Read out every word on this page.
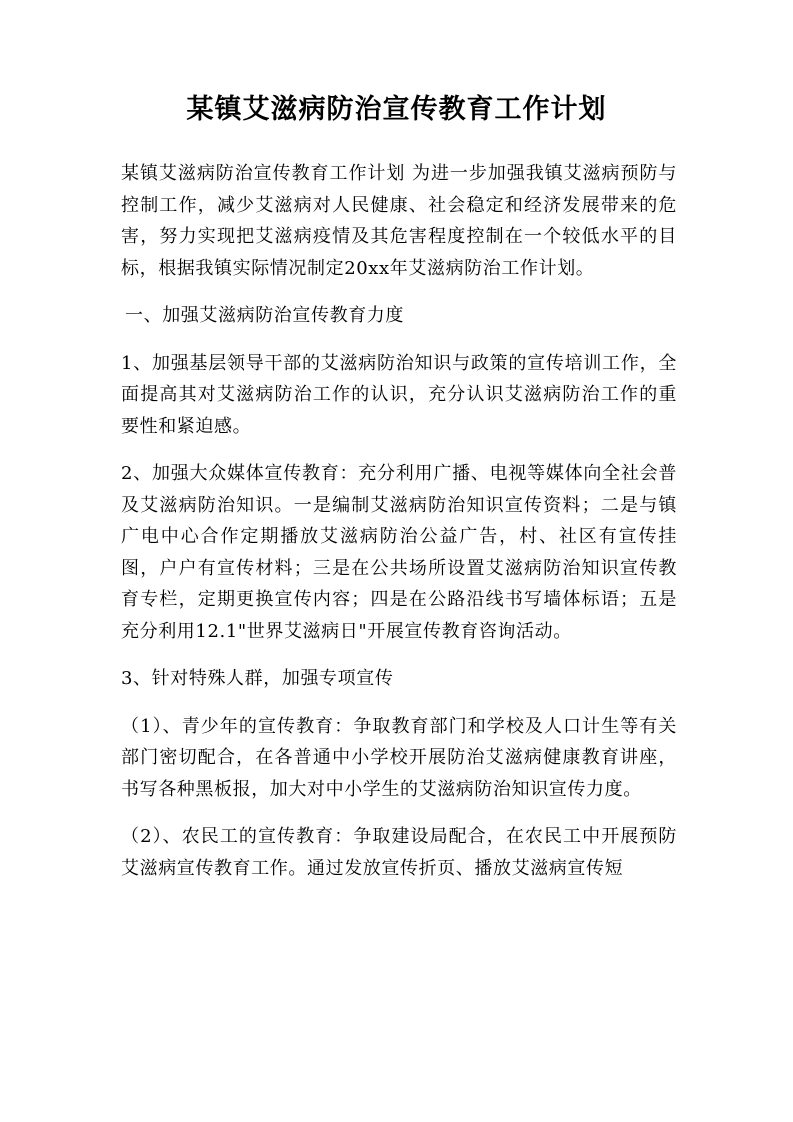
某镇艾滋病防治宣传教育工作计划

某镇艾滋病防治宣传教育工作计划 为进一步加强我镇艾滋病预防与控制工作，减少艾滋病对人民健康、社会稳定和经济发展带来的危害，努力实现把艾滋病疫情及其危害程度控制在一个较低水平的目标，根据我镇实际情况制定20xx年艾滋病防治工作计划。

一、加强艾滋病防治宣传教育力度

1、加强基层领导干部的艾滋病防治知识与政策的宣传培训工作，全面提高其对艾滋病防治工作的认识，充分认识艾滋病防治工作的重要性和紧迫感。

2、加强大众媒体宣传教育：充分利用广播、电视等媒体向全社会普及艾滋病防治知识。一是编制艾滋病防治知识宣传资料；二是与镇广电中心合作定期播放艾滋病防治公益广告，村、社区有宣传挂图，户户有宣传材料；三是在公共场所设置艾滋病防治知识宣传教育专栏，定期更换宣传内容；四是在公路沿线书写墙体标语；五是充分利用12.1"世界艾滋病日"开展宣传教育咨询活动。

3、针对特殊人群，加强专项宣传

（1）、青少年的宣传教育：争取教育部门和学校及人口计生等有关部门密切配合，在各普通中小学校开展防治艾滋病健康教育讲座，书写各种黑板报，加大对中小学生的艾滋病防治知识宣传力度。

（2）、农民工的宣传教育：争取建设局配合，在农民工中开展预防艾滋病宣传教育工作。通过发放宣传折页、播放艾滋病宣传短
